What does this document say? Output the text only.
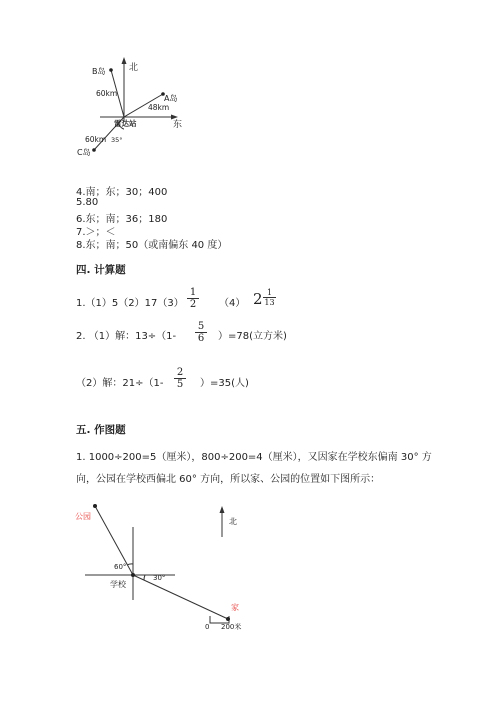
北
东
B岛
A岛
C岛
60km
48km
60km
雷达站
35°
4.南；东；30；400
5.80
6.东；南；36；180
7.＞；＜
8.东；南；50（或南偏东 40 度）
四. 计算题
$1.(1)5(2)17(3) \frac{1}{2} (4)$ $2 \frac{1}{13}$
2. （1）解：$13\div(1- \frac{5}{6} )=78$(立方米)
（2）解：$21\div(1- \frac{2}{5} )=35$(人)
五. 作图题
1. 1000÷200=5（厘米），800÷200=4（厘米），又因家在学校东偏南 30° 方
向，公园在学校西偏北 60° 方向，所以家、公园的位置如下图所示：
公园
家
学校
北
60°
30°
0 200米
